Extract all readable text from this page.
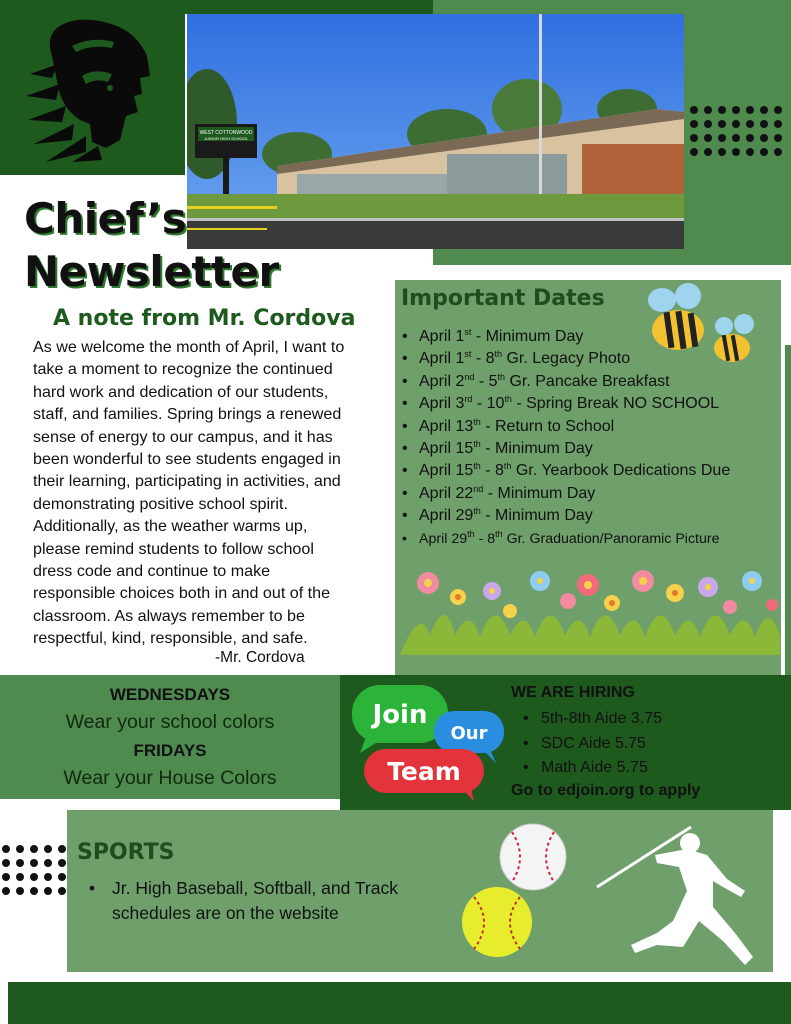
WEST COTTONWOOD
JUNIOR HIGH SCHOOL
Chief’s
Newsletter
A note from Mr. Cordova
As we welcome the month of April, I want to
take a moment to recognize the continued
hard work and dedication of our students,
staff, and families. Spring brings a renewed
sense of energy to our campus, and it has
been wonderful to see students engaged in
their learning, participating in activities, and
demonstrating positive school spirit.
Additionally, as the weather warms up,
please remind students to follow school
dress code and continue to make
responsible choices both in and out of the
classroom. As always remember to be
respectful, kind, responsible, and safe.
-Mr. Cordova
Important Dates
• April 1st - Minimum Day
• April 1st - 8th Gr. Legacy Photo
• April 2nd - 5th Gr. Pancake Breakfast
• April 3rd - 10th - Spring Break NO SCHOOL
• April 13th - Return to School
• April 15th - Minimum Day
• April 15th - 8th Gr. Yearbook Dedications Due
• April 22nd - Minimum Day
• April 29th - Minimum Day
• April 29th - 8th Gr. Graduation/Panoramic Picture
WEDNESDAYS
Wear your school colors
FRIDAYS
Wear your House Colors
Join
Our
Team
WE ARE HIRING
• 5th-8th Aide 3.75
• SDC Aide 5.75
• Math Aide 5.75
Go to edjoin.org to apply
SPORTS
• Jr. High Baseball, Softball, and Track
schedules are on the website
